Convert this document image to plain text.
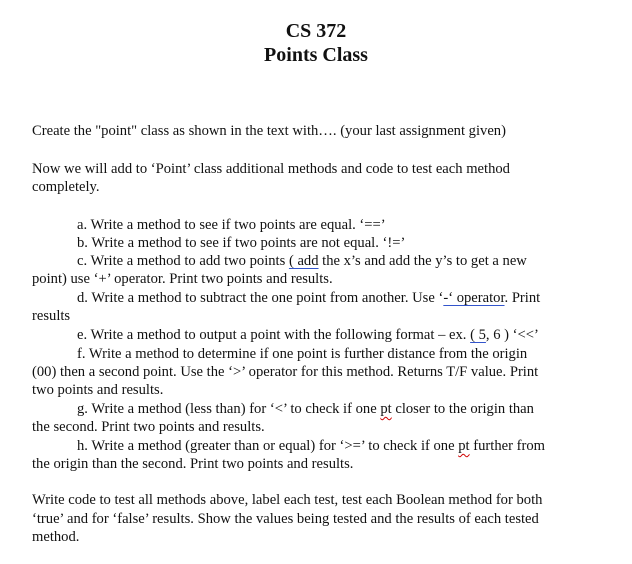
CS 372
Points Class
Create the "point" class as shown in the text with…. (your last assignment given)
Now we will add to ‘Point’ class additional methods and code to test each method
completely.
a. Write a method to see if two points are equal. ‘==’
b. Write a method to see if two points are not equal. ‘!=’
c. Write a method to add two points ( add the x’s and add the y’s to get a new
point) use ‘+’ operator. Print two points and results.
d. Write a method to subtract the one point from another. Use ‘-‘ operator. Print
results
e. Write a method to output a point with the following format – ex. ( 5, 6 ) ‘<<’
f. Write a method to determine if one point is further distance from the origin
(00) then a second point. Use the ‘>’ operator for this method. Returns T/F value. Print
two points and results.
g. Write a method (less than) for ‘<’ to check if one pt closer to the origin than
the second. Print two points and results.
h. Write a method (greater than or equal) for ‘>=’ to check if one pt further from
the origin than the second. Print two points and results.
Write code to test all methods above, label each test, test each Boolean method for both
‘true’ and for ‘false’ results. Show the values being tested and the results of each tested
method.
